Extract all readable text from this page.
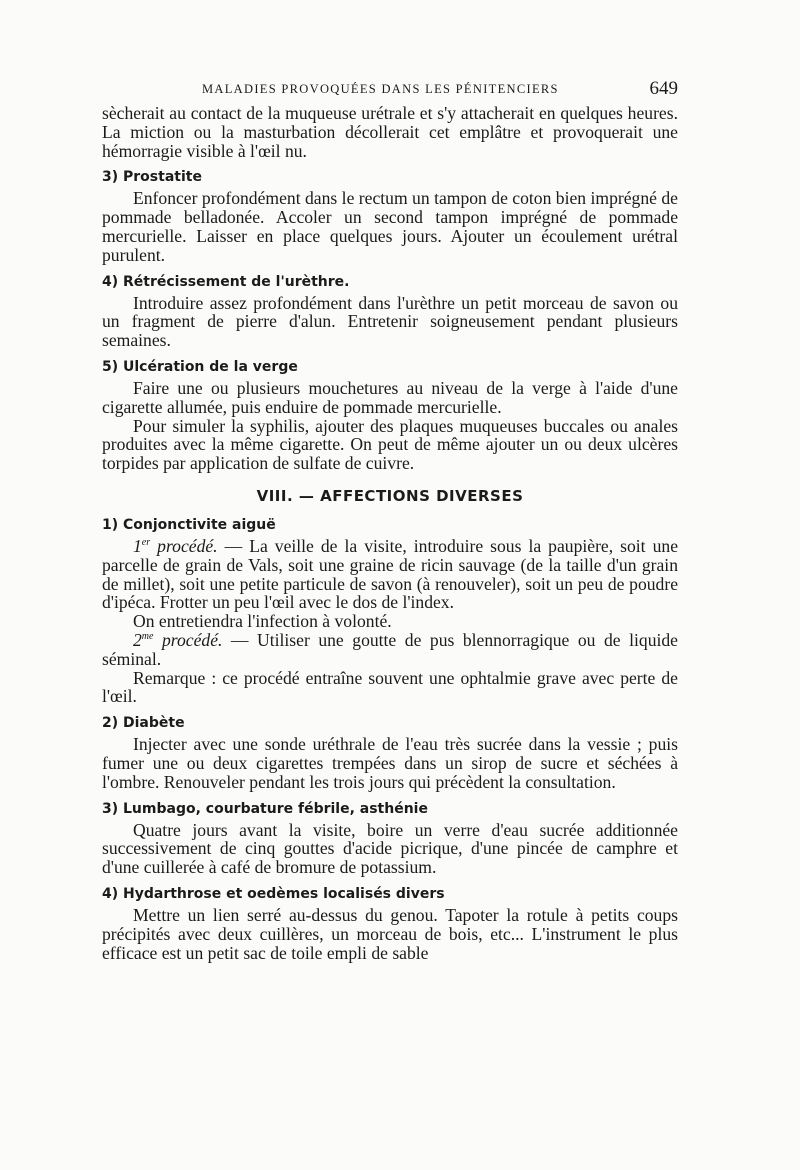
MALADIES PROVOQUÉES DANS LES PÉNITENCIERS	649

sècherait au contact de la muqueuse urétrale et s'y attacherait en quelques heures. La miction ou la masturbation décollerait cet emplâtre et provoquerait une hémorragie visible à l'œil nu.

3) Prostatite

Enfoncer profondément dans le rectum un tampon de coton bien imprégné de pommade belladonée. Accoler un second tampon imprégné de pommade mercurielle. Laisser en place quelques jours. Ajouter un écoulement urétral purulent.

4) Rétrécissement de l'urèthre.

Introduire assez profondément dans l'urèthre un petit morceau de savon ou un fragment de pierre d'alun. Entretenir soigneusement pendant plusieurs semaines.

5) Ulcération de la verge

Faire une ou plusieurs mouchetures au niveau de la verge à l'aide d'une cigarette allumée, puis enduire de pommade mercurielle.

Pour simuler la syphilis, ajouter des plaques muqueuses buccales ou anales produites avec la même cigarette. On peut de même ajouter un ou deux ulcères torpides par application de sulfate de cuivre.

VIII. — AFFECTIONS DIVERSES
1) Conjonctivite aiguë

1er procédé. — La veille de la visite, introduire sous la paupière, soit une parcelle de grain de Vals, soit une graine de ricin sauvage (de la taille d'un grain de millet), soit une petite particule de savon (à renouveler), soit un peu de poudre d'ipéca. Frotter un peu l'œil avec le dos de l'index.

On entretiendra l'infection à volonté.

$2^{me}$ procédé. — Utiliser une goutte de pus blennorragique ou de liquide séminal.

Remarque : ce procédé entraîne souvent une ophtalmie grave avec perte de l'œil.

2) Diabète

Injecter avec une sonde uréthrale de l'eau très sucrée dans la vessie ; puis fumer une ou deux cigarettes trempées dans un sirop de sucre et séchées à l'ombre. Renouveler pendant les trois jours qui précèdent la consultation.

3) Lumbago, courbature fébrile, asthénie

Quatre jours avant la visite, boire un verre d'eau sucrée additionnée successivement de cinq gouttes d'acide picrique, d'une pincée de camphre et d'une cuillerée à café de bromure de potassium.

4) Hydarthrose et oedèmes localisés divers

Mettre un lien serré au-dessus du genou. Tapoter la rotule à petits coups précipités avec deux cuillères, un morceau de bois, etc... L'instrument le plus efficace est un petit sac de toile empli de sable
